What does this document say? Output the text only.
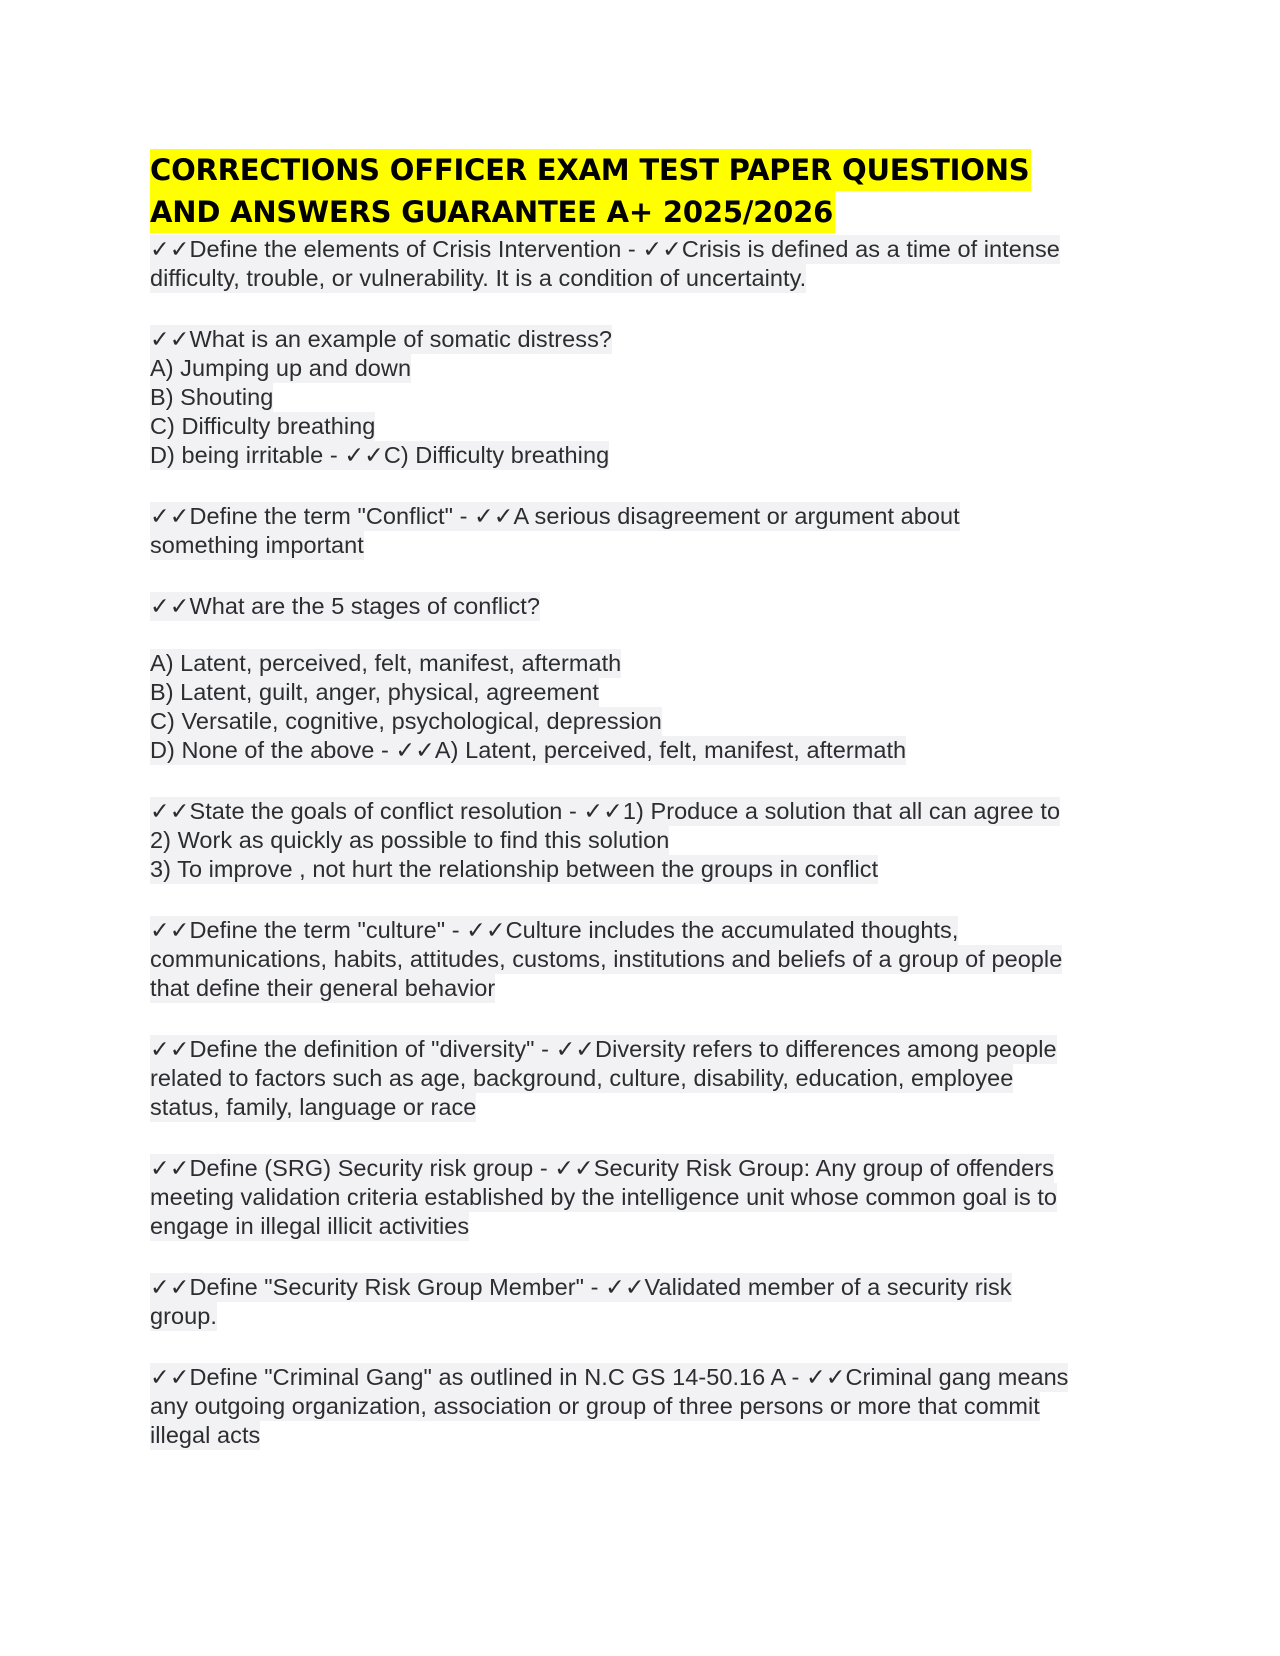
CORRECTIONS OFFICER EXAM TEST PAPER QUESTIONS
AND ANSWERS GUARANTEE A+ 2025/2026
✓✓Define the elements of Crisis Intervention - ✓✓Crisis is defined as a time of intense
difficulty, trouble, or vulnerability. It is a condition of uncertainty.
✓✓What is an example of somatic distress?
A) Jumping up and down
B) Shouting
C) Difficulty breathing
D) being irritable - ✓✓C) Difficulty breathing
✓✓Define the term "Conflict" - ✓✓A serious disagreement or argument about
something important
✓✓What are the 5 stages of conflict?
A) Latent, perceived, felt, manifest, aftermath
B) Latent, guilt, anger, physical, agreement
C) Versatile, cognitive, psychological, depression
D) None of the above - ✓✓A) Latent, perceived, felt, manifest, aftermath
✓✓State the goals of conflict resolution - ✓✓1) Produce a solution that all can agree to
2) Work as quickly as possible to find this solution
3) To improve , not hurt the relationship between the groups in conflict
✓✓Define the term "culture" - ✓✓Culture includes the accumulated thoughts,
communications, habits, attitudes, customs, institutions and beliefs of a group of people
that define their general behavior
✓✓Define the definition of "diversity" - ✓✓Diversity refers to differences among people
related to factors such as age, background, culture, disability, education, employee
status, family, language or race
✓✓Define (SRG) Security risk group - ✓✓Security Risk Group: Any group of offenders
meeting validation criteria established by the intelligence unit whose common goal is to
engage in illegal illicit activities
✓✓Define "Security Risk Group Member" - ✓✓Validated member of a security risk
group.
✓✓Define "Criminal Gang" as outlined in N.C GS 14-50.16 A - ✓✓Criminal gang means
any outgoing organization, association or group of three persons or more that commit
illegal acts
